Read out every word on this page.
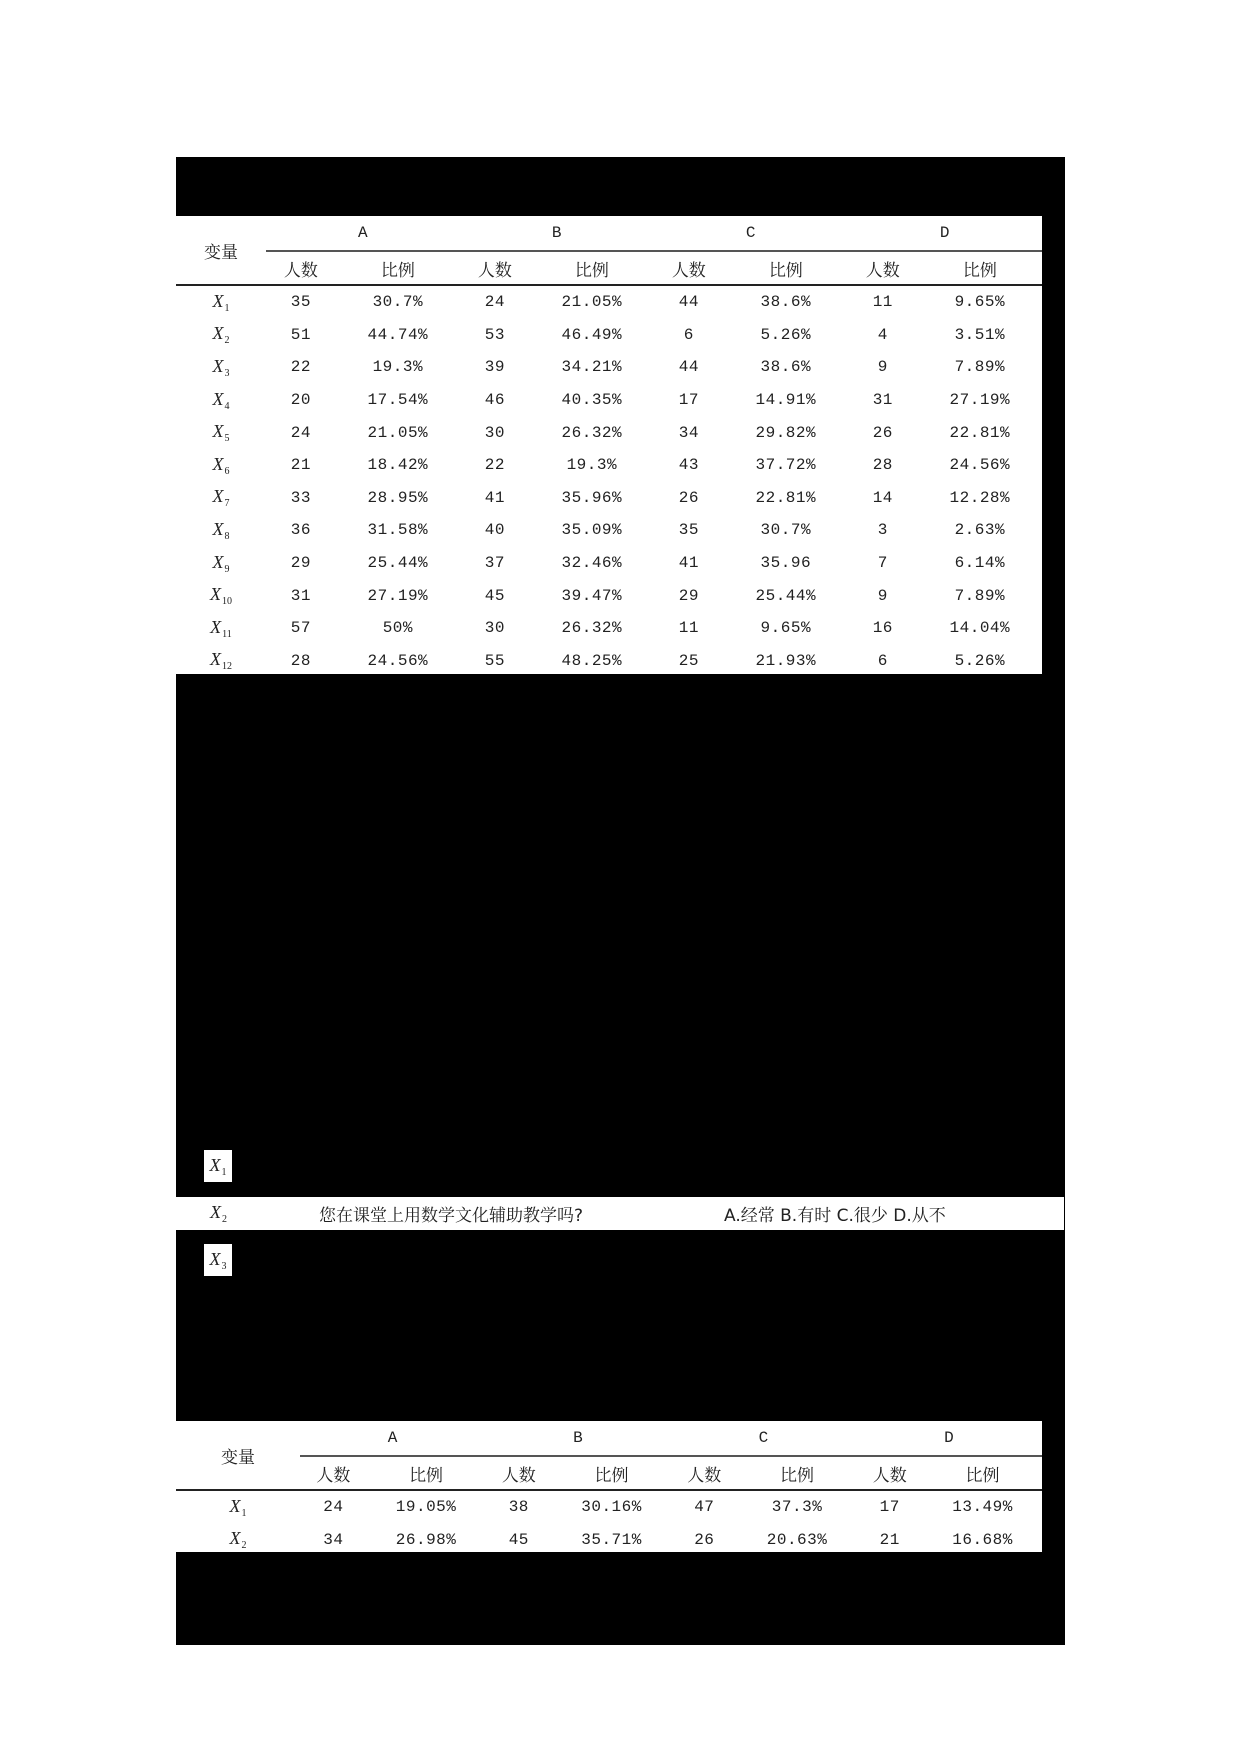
变量	A		B		C		D	
	人数	比例	人数	比例	人数	比例	人数	比例
$X_1$	35	30.7%	24	21.05%	44	38.6%	11	9.65%
$X_2$	51	44.74%	53	46.49%	6	5.26%	4	3.51%
$X_3$	22	19.3%	39	34.21%	44	38.6%	9	7.89%
$X_4$	20	17.54%	46	40.35%	17	14.91%	31	27.19%
$X_5$	24	21.05%	30	26.32%	34	29.82%	26	22.81%
$X_6$	21	18.42%	22	19.3%	43	37.72%	28	24.56%
$X_7$	33	28.95%	41	35.96%	26	22.81%	14	12.28%
$X_8$	36	31.58%	40	35.09%	35	30.7%	3	2.63%
$X_9$	29	25.44%	37	32.46%	41	35.96	7	6.14%
$X_{10}$	31	27.19%	45	39.47%	29	25.44%	9	7.89%
$X_{11}$	57	50%	30	26.32%	11	9.65%	16	14.04%
$X_{12}$	28	24.56%	55	48.25%	25	21.93%	6	5.26%
$X_1$
$X_2$	您在课堂上用数学文化辅助教学吗?	A.经常 B.有时 C.很少 D.从不
$X_3$
变量	A		B		C		D	
	人数	比例	人数	比例	人数	比例	人数	比例
$X_1$	24	19.05%	38	30.16%	47	37.3%	17	13.49%
$X_2$	34	26.98%	45	35.71%	26	20.63%	21	16.68%
